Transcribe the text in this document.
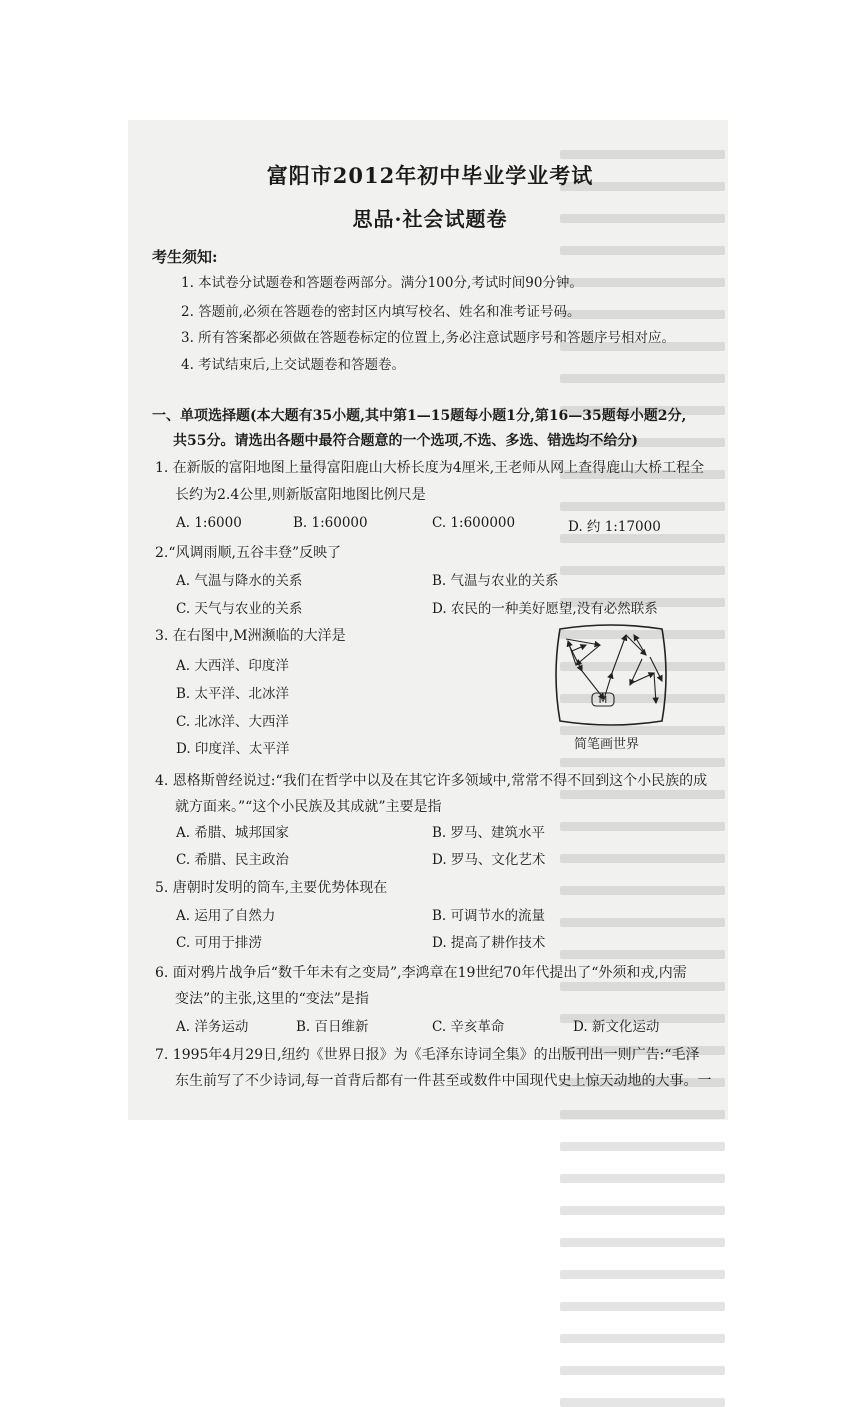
富阳市2012年初中毕业学业考试
思品·社会试题卷
考生须知:
1. 本试卷分试题卷和答题卷两部分。满分100分,考试时间90分钟。
2. 答题前,必须在答题卷的密封区内填写校名、姓名和准考证号码。
3. 所有答案都必须做在答题卷标定的位置上,务必注意试题序号和答题序号相对应。
4. 考试结束后,上交试题卷和答题卷。
一、单项选择题(本大题有35小题,其中第1—15题每小题1分,第16—35题每小题2分,
共55分。请选出各题中最符合题意的一个选项,不选、多选、错选均不给分)
1. 在新版的富阳地图上量得富阳鹿山大桥长度为4厘米,王老师从网上查得鹿山大桥工程全
长约为2.4公里,则新版富阳地图比例尺是
A. 1:6000	B. 1:60000	C. 1:600000	D. 约 1:17000
2.“风调雨顺,五谷丰登”反映了
A. 气温与降水的关系	B. 气温与农业的关系
C. 天气与农业的关系	D. 农民的一种美好愿望,没有必然联系
3. 在右图中,M洲濒临的大洋是
A. 大西洋、印度洋
B. 太平洋、北冰洋
C. 北冰洋、大西洋
D. 印度洋、太平洋
M
简笔画世界
4. 恩格斯曾经说过:“我们在哲学中以及在其它许多领域中,常常不得不回到这个小民族的成
就方面来。”“这个小民族及其成就”主要是指
A. 希腊、城邦国家	B. 罗马、建筑水平
C. 希腊、民主政治	D. 罗马、文化艺术
5. 唐朝时发明的筒车,主要优势体现在
A. 运用了自然力	B. 可调节水的流量
C. 可用于排涝	D. 提高了耕作技术
6. 面对鸦片战争后“数千年未有之变局”,李鸿章在19世纪70年代提出了“外须和戎,内需
变法”的主张,这里的“变法”是指
A. 洋务运动	B. 百日维新	C. 辛亥革命	D. 新文化运动
7. 1995年4月29日,纽约《世界日报》为《毛泽东诗词全集》的出版刊出一则广告:“毛泽
东生前写了不少诗词,每一首背后都有一件甚至或数件中国现代史上惊天动地的大事。一
